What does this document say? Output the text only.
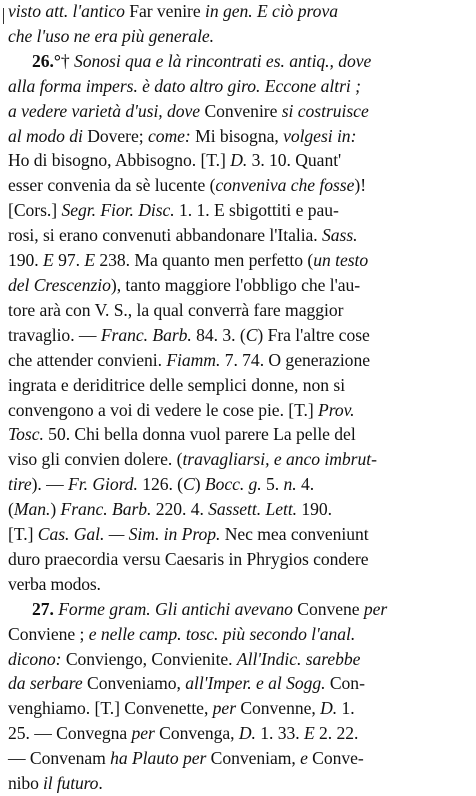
visto att. l'antico Far venire in gen. E ciò prova
che l'uso ne era più generale.
26.°† Sonosi qua e là rincontrati es. antiq., dove
alla forma impers. è dato altro giro. Eccone altri ;
a vedere varietà d'usi, dove Convenire si costruisce
al modo di Dovere; come: Mi bisogna, volgesi in:
Ho di bisogno, Abbisogno. [T.] D. 3. 10. Quant'
esser convenia da sè lucente (conveniva che fosse)!
[Cors.] Segr. Fior. Disc. 1. 1. E sbigottiti e pau-
rosi, si erano convenuti abbandonare l'Italia. Sass.
190. E 97. E 238. Ma quanto men perfetto (un testo
del Crescenzio), tanto maggiore l'obbligo che l'au-
tore arà con V. S., la qual converrà fare maggior
travaglio. — Franc. Barb. 84. 3. (C) Fra l'altre cose
che attender convieni. Fiamm. 7. 74. O generazione
ingrata e deriditrice delle semplici donne, non si
convengono a voi di vedere le cose pie. [T.] Prov.
Tosc. 50. Chi bella donna vuol parere La pelle del
viso gli convien dolere. (travagliarsi, e anco imbrut-
tire). — Fr. Giord. 126. (C) Bocc. g. 5. n. 4.
(Man.) Franc. Barb. 220. 4. Sassett. Lett. 190.
[T.] Cas. Gal. — Sim. in Prop. Nec mea conveniunt
duro praecordia versu Caesaris in Phrygios condere
verba modos.
27. Forme gram. Gli antichi avevano Convene per
Conviene ; e nelle camp. tosc. più secondo l'anal.
dicono: Conviengo, Convienite. All'Indic. sarebbe
da serbare Conveniamo, all'Imper. e al Sogg. Con-
venghiamo. [T.] Convenette, per Convenne, D. 1.
25. — Convegna per Convenga, D. 1. 33. E 2. 22.
— Convenam ha Plauto per Conveniam, e Conve-
nibo il futuro.
